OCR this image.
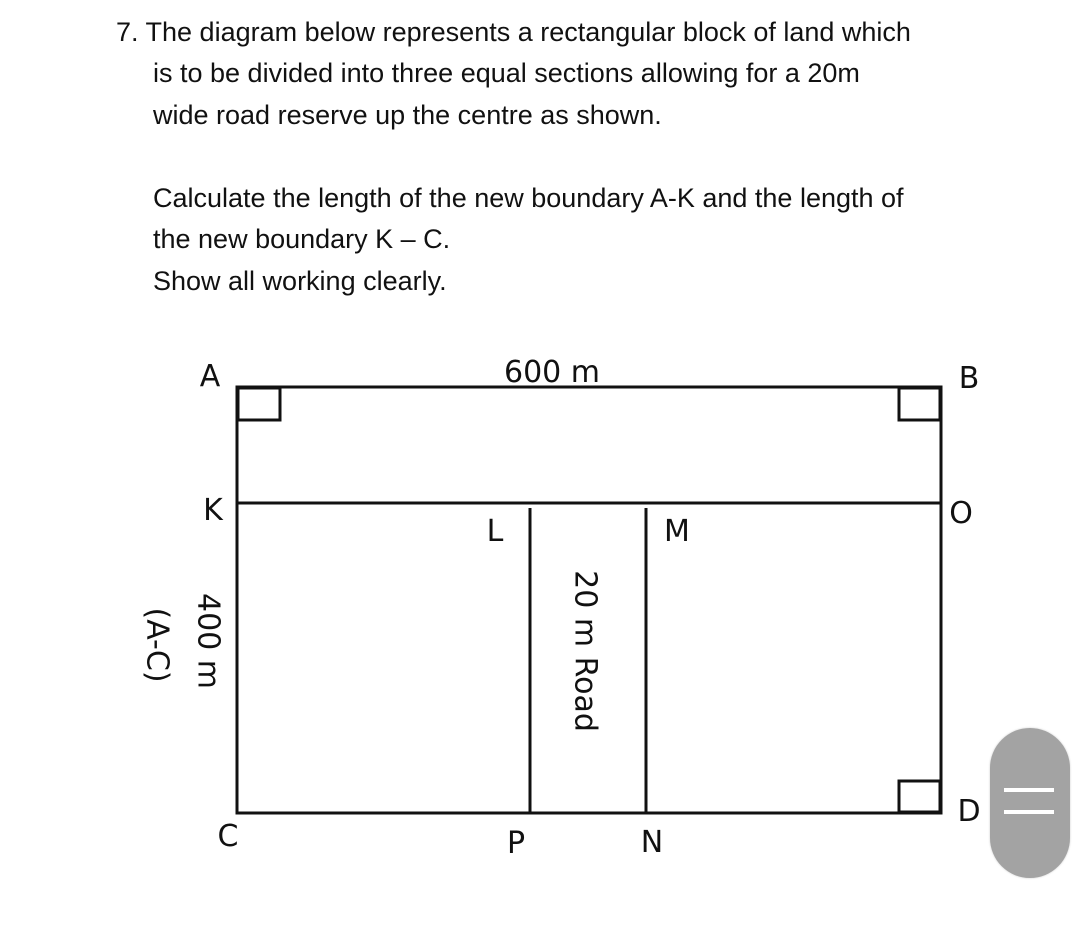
7. The diagram below represents a rectangular block of land which
is to be divided into three equal sections allowing for a 20m
wide road reserve up the centre as shown.
Calculate the length of the new boundary A-K and the length of
the new boundary K – C.
Show all working clearly.
A	B
K	O
L	M
C
D
P	N
600 m
400 m
(A-C)	20 m Road
